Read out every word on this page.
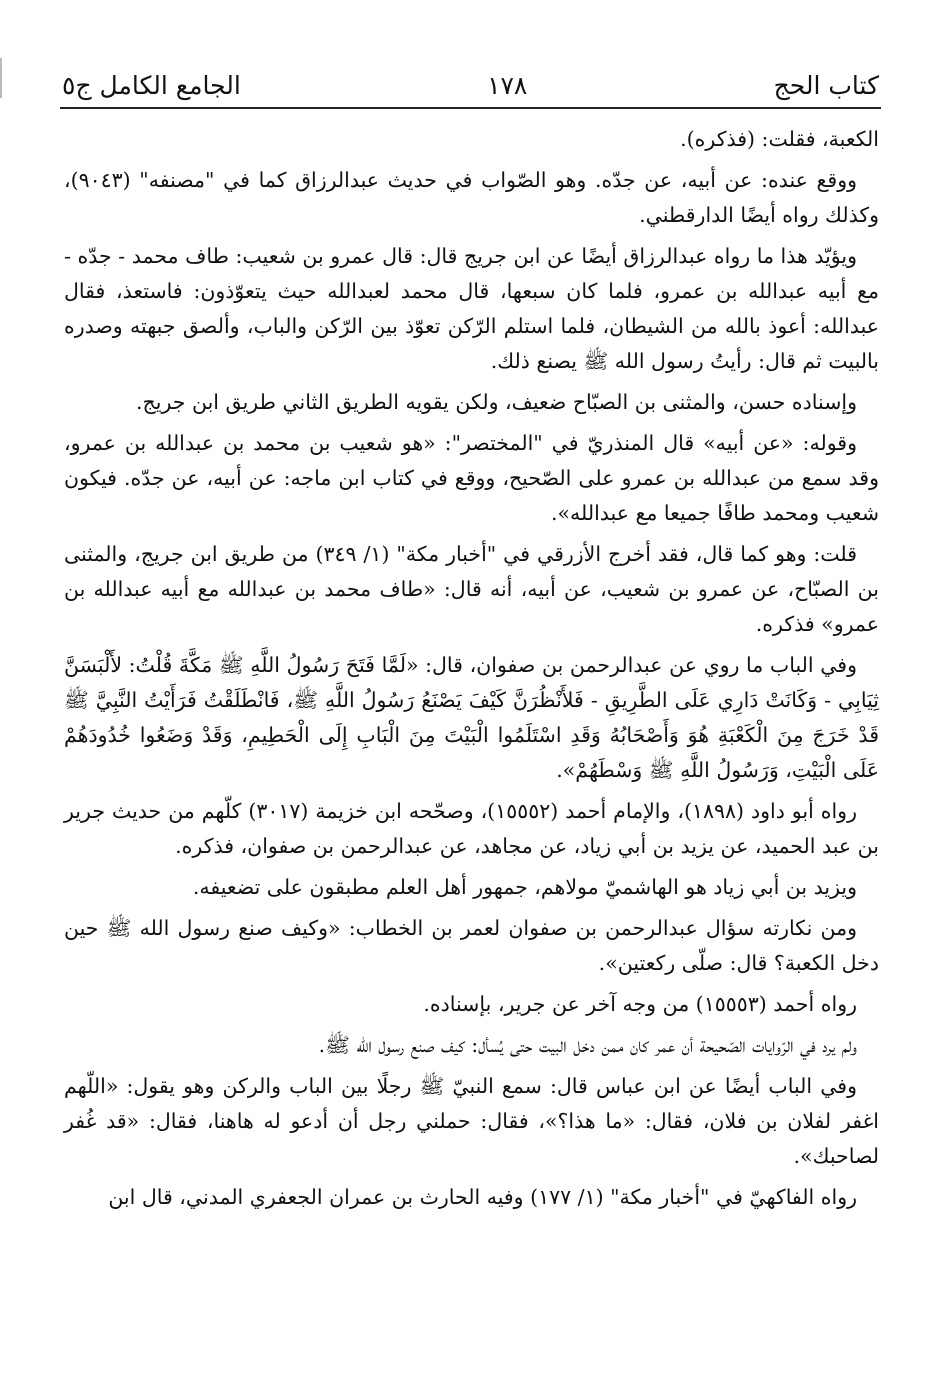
كتاب الحج
١٧٨
الجامع الكامل ج٥

الكعبة، فقلت: (فذكره).

ووقع عنده: عن أبيه، عن جدّه. وهو الصّواب في حديث عبدالرزاق كما في "مصنفه" (٩٠٤٣)، وكذلك رواه أيضًا الدارقطني.

ويؤيّد هذا ما رواه عبدالرزاق أيضًا عن ابن جريج قال: قال عمرو بن شعيب: طاف محمد - جدّه - مع أبيه عبدالله بن عمرو، فلما كان سبعها، قال محمد لعبدالله حيث يتعوّذون: فاستعذ، فقال عبدالله: أعوذ بالله من الشيطان، فلما استلم الرّكن تعوّذ بين الرّكن والباب، وألصق جبهته وصدره بالبيت ثم قال: رأيتُ رسول الله ﷺ يصنع ذلك.

وإسناده حسن، والمثنى بن الصبّاح ضعيف، ولكن يقويه الطريق الثاني طريق ابن جريج.

وقوله: «عن أبيه» قال المنذريّ في "المختصر": «هو شعيب بن محمد بن عبدالله بن عمرو، وقد سمع من عبدالله بن عمرو على الصّحيح، ووقع في كتاب ابن ماجه: عن أبيه، عن جدّه. فيكون شعيب ومحمد طافًا جميعا مع عبدالله».

قلت: وهو كما قال، فقد أخرج الأزرقي في "أخبار مكة" (١/ ٣٤٩) من طريق ابن جريج، والمثنى بن الصبّاح، عن عمرو بن شعيب، عن أبيه، أنه قال: «طاف محمد بن عبدالله مع أبيه عبدالله بن عمرو» فذكره.

وفي الباب ما روي عن عبدالرحمن بن صفوان، قال: «لَمَّا فَتَحَ رَسُولُ اللَّهِ ﷺ مَكَّةَ قُلْتُ: لأَلْبَسَنَّ ثِيَابِي - وَكَانَتْ دَارِي عَلَى الطَّرِيقِ - فَلأَنْظُرَنَّ كَيْفَ يَصْنَعُ رَسُولُ اللَّهِ ﷺ، فَانْطَلَقْتُ فَرَأَيْتُ النَّبِيَّ ﷺ قَدْ خَرَجَ مِنَ الْكَعْبَةِ هُوَ وَأَصْحَابُهُ وَقَدِ اسْتَلَمُوا الْبَيْتَ مِنَ الْبَابِ إِلَى الْحَطِيمِ، وَقَدْ وَضَعُوا خُدُودَهُمْ عَلَى الْبَيْتِ، وَرَسُولُ اللَّهِ ﷺ وَسْطَهُمْ».

رواه أبو داود (١٨٩٨)، والإمام أحمد (١٥٥٥٢)، وصحّحه ابن خزيمة (٣٠١٧) كلّهم من حديث جرير بن عبد الحميد، عن يزيد بن أبي زياد، عن مجاهد، عن عبدالرحمن بن صفوان، فذكره.

ويزيد بن أبي زياد هو الهاشميّ مولاهم، جمهور أهل العلم مطبقون على تضعيفه.

ومن نكارته سؤال عبدالرحمن بن صفوان لعمر بن الخطاب: «وكيف صنع رسول الله ﷺ حين دخل الكعبة؟ قال: صلّى ركعتين».

رواه أحمد (١٥٥٥٣) من وجه آخر عن جرير، بإسناده.

ولم يرد في الرّوايات الصّحيحة أن عمر كان ممن دخل البيت حتى يُسأل: كيف صنع رسول الله ﷺ.

وفي الباب أيضًا عن ابن عباس قال: سمع النبيّ ﷺ رجلًا بين الباب والركن وهو يقول: «اللّهم اغفر لفلان بن فلان، فقال: «ما هذا؟»، فقال: حملني رجل أن أدعو له هاهنا، فقال: «قد غُفر لصاحبك».

رواه الفاكهيّ في "أخبار مكة" (١/ ١٧٧) وفيه الحارث بن عمران الجعفري المدني، قال ابن
